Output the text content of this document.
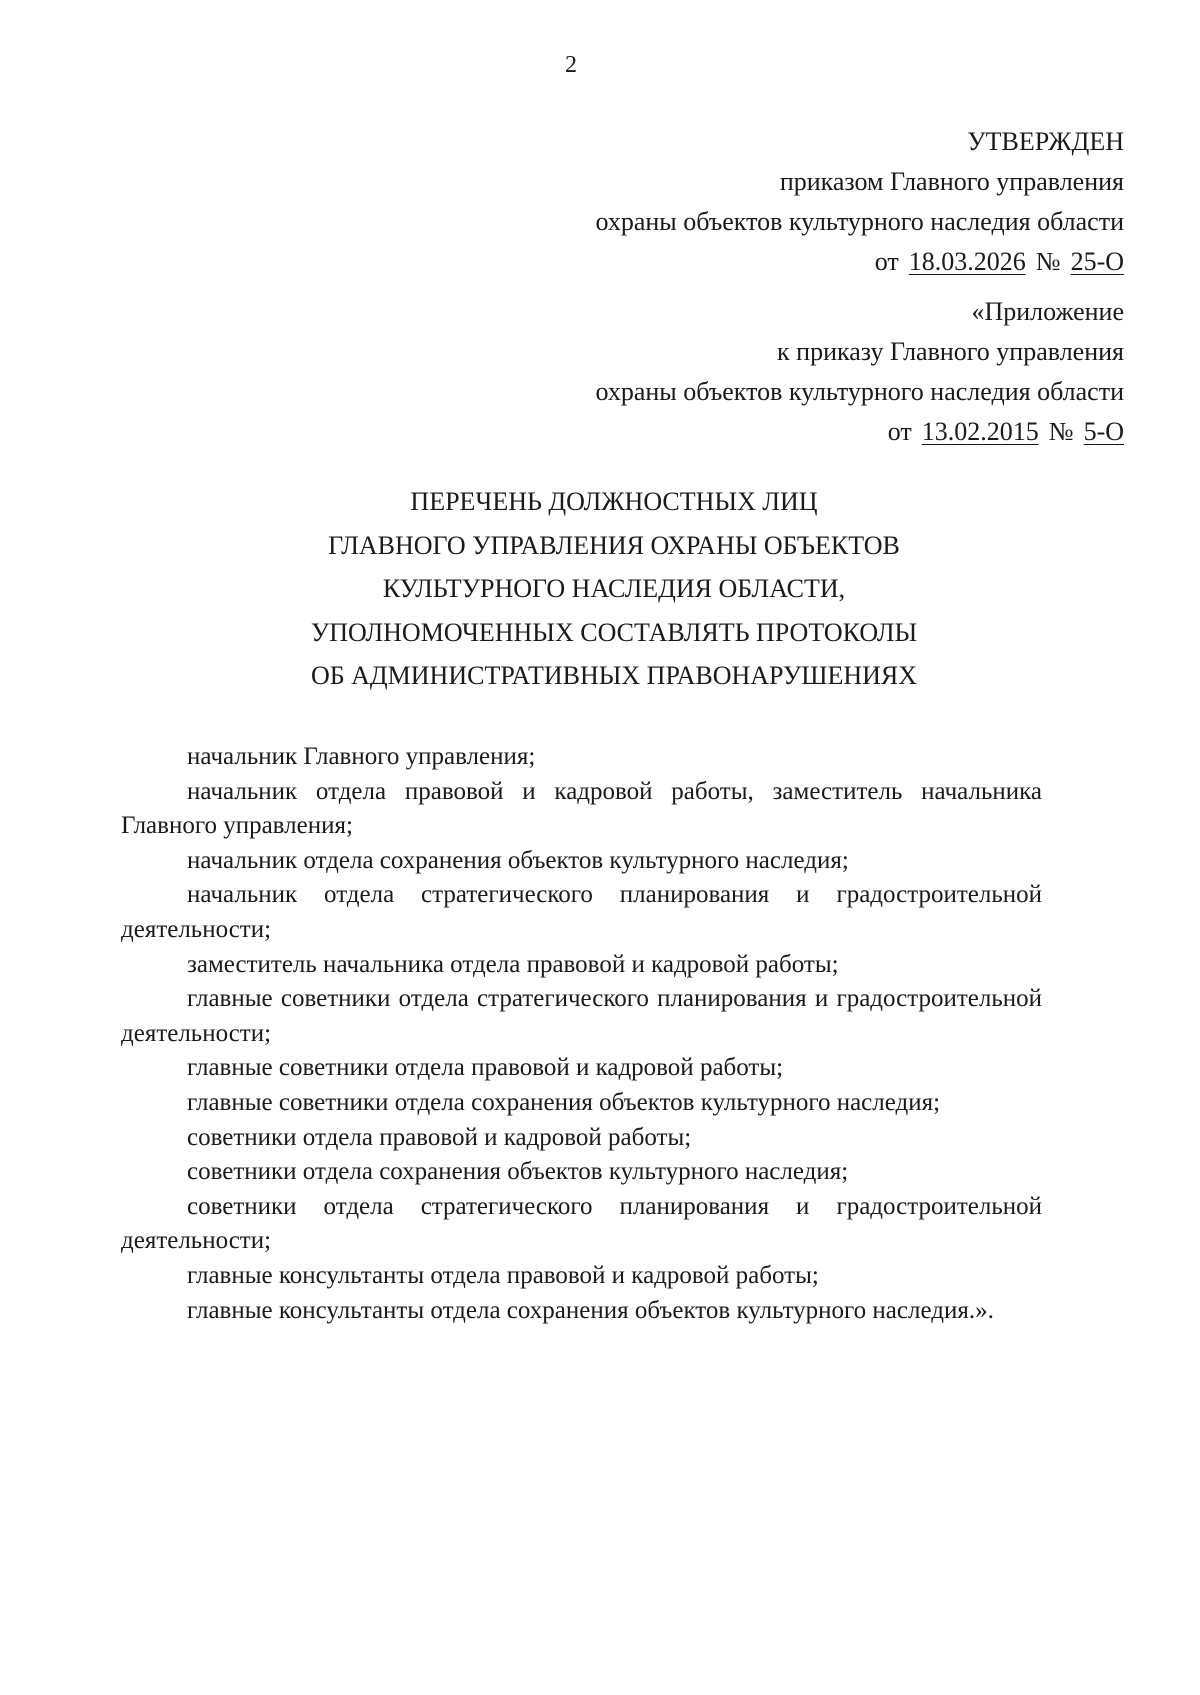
2
УТВЕРЖДЕН
приказом Главного управления
охраны объектов культурного наследия области
от 18.03.2026 № 25-О
«Приложение
к приказу Главного управления
охраны объектов культурного наследия области
от 13.02.2015 № 5-О
ПЕРЕЧЕНЬ ДОЛЖНОСТНЫХ ЛИЦ
ГЛАВНОГО УПРАВЛЕНИЯ ОХРАНЫ ОБЪЕКТОВ
КУЛЬТУРНОГО НАСЛЕДИЯ ОБЛАСТИ,
УПОЛНОМОЧЕННЫХ СОСТАВЛЯТЬ ПРОТОКОЛЫ
ОБ АДМИНИСТРАТИВНЫХ ПРАВОНАРУШЕНИЯХ

начальник Главного управления;

начальник отдела правовой и кадровой работы, заместитель начальника Главного управления;

начальник отдела сохранения объектов культурного наследия;

начальник отдела стратегического планирования и градостроительной деятельности;

заместитель начальника отдела правовой и кадровой работы;

главные советники отдела стратегического планирования и градостроительной деятельности;

главные советники отдела правовой и кадровой работы;

главные советники отдела сохранения объектов культурного наследия;

советники отдела правовой и кадровой работы;

советники отдела сохранения объектов культурного наследия;

советники отдела стратегического планирования и градостроительной деятельности;

главные консультанты отдела правовой и кадровой работы;

главные консультанты отдела сохранения объектов культурного наследия.».
